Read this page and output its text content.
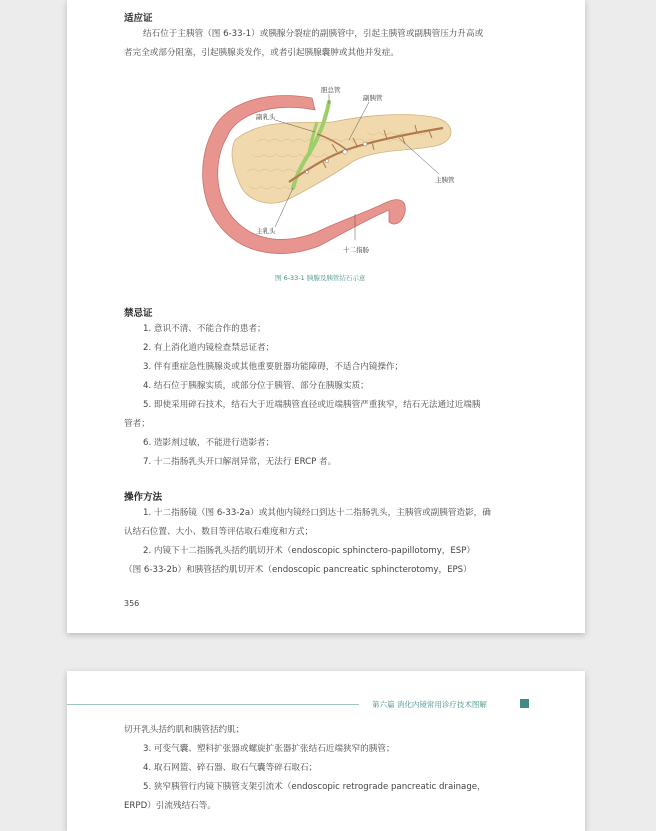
适应证

结石位于主胰管（图 6-33-1）或胰腺分裂症的副胰管中，引起主胰管或副胰管压力升高或

者完全或部分阻塞，引起胰腺炎发作，或者引起胰腺囊肿或其他并发症。

胆总管
副胰管
副乳头
主胰管
主乳头
十二指肠
图 6-33-1 胰腺及胰管结石示意
禁忌证

1. 意识不清、不能合作的患者；

2. 有上消化道内镜检查禁忌证者；

3. 伴有重症急性胰腺炎或其他重要脏器功能障碍，不适合内镜操作；

4. 结石位于胰腺实质，或部分位于胰管、部分在胰腺实质；

5. 即使采用碎石技术，结石大于近端胰管直径或近端胰管严重狭窄，结石无法通过近端胰

管者；

6. 造影剂过敏，不能进行造影者；

7. 十二指肠乳头开口解剖异常，无法行 ERCP 者。

操作方法

1. 十二指肠镜（图 6-33-2a）或其他内镜经口到达十二指肠乳头，主胰管或副胰管造影，确

认结石位置、大小、数目等评估取石难度和方式；

2. 内镜下十二指肠乳头括约肌切开术（endoscopic sphinctero-papillotomy，ESP）

（图 6-33-2b）和胰管括约肌切开术（endoscopic pancreatic sphincterotomy，EPS）

356
第六篇 消化内镜常用诊疗技术图解

切开乳头括约肌和胰管括约肌；

3. 可变气囊、塑料扩张器或螺旋扩张器扩张结石近端狭窄的胰管；

4. 取石网篮、碎石器、取石气囊等碎石取石；

5. 狭窄胰管行内镜下胰管支架引流术（endoscopic retrograde pancreatic drainage，

ERPD）引流残结石等。
